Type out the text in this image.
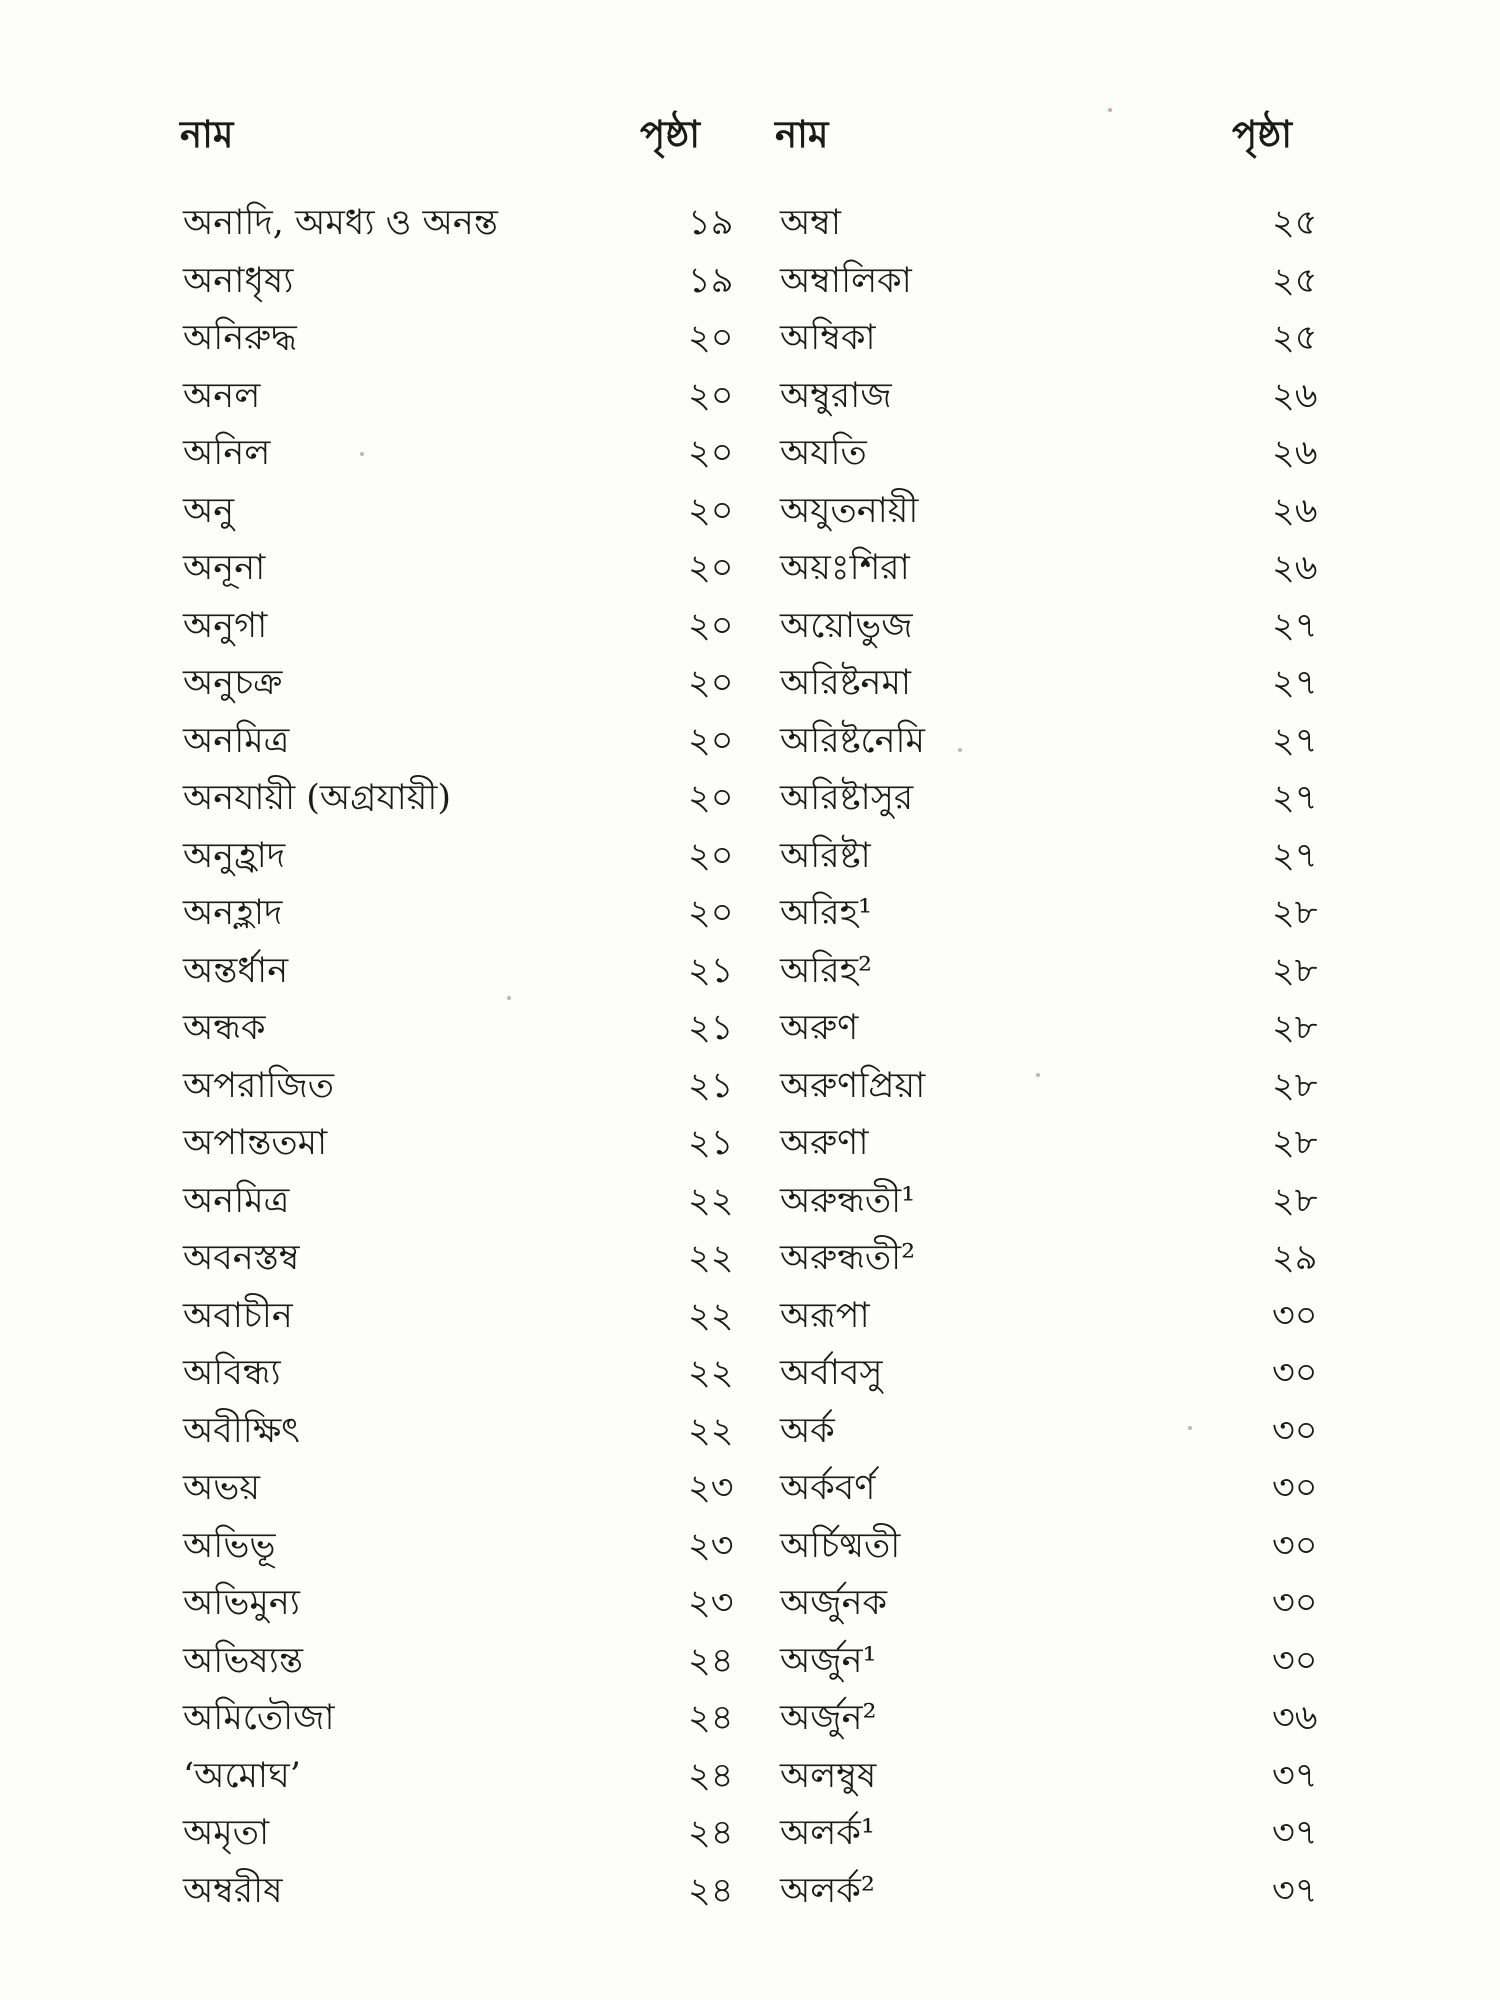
নাম	পৃষ্ঠা নাম	পৃষ্ঠা
অনাদি, অমধ্য ও অনন্ত	১৯ অম্বা	২৫
অনাধৃষ্য	১৯ অম্বালিকা	২৫
অনিরুদ্ধ	২০ অম্বিকা	২৫
অনল	২০ অম্বুরাজ	২৬
অনিল	২০ অযতি	২৬
অনু	২০ অযুতনায়ী	২৬
অনূনা	২০ অয়ঃশিরা	২৬
অনুগা	২০ অয়োভুজ	২৭
অনুচক্র	২০ অরিষ্টনমা	২৭
অনমিত্র	২০ অরিষ্টনেমি	২৭
অনযায়ী (অগ্রযায়ী)	২০ অরিষ্টাসুর	২৭
অনুহ্রাদ	২০ অরিষ্টা	২৭
অনহ্লাদ	২০ অরিহ¹	২৮
অন্তর্ধান	২১ অরিহ²	২৮
অন্ধক	২১ অরুণ	২৮
অপরাজিত	২১ অরুণপ্রিয়া	২৮
অপান্ততমা	২১ অরুণা	২৮
অনমিত্র	২২ অরুন্ধতী¹	২৮
অবনস্তম্ব	২২ অরুন্ধতী²	২৯
অবাচীন	২২ অরূপা	৩০
অবিন্ধ্য	২২ অর্বাবসু	৩০
অবীক্ষিৎ	২২ অর্ক	৩০
অভয়	২৩ অর্কবর্ণ	৩০
অভিভূ	২৩ অর্চিষ্মতী	৩০
অভিমুন্য	২৩ অর্জুনক	৩০
অভিষ্যন্ত	২৪ অর্জুন¹	৩০
অমিতৌজা	২৪ অর্জুন²	৩৬
‘অমোঘ’	২৪ অলম্বুষ	৩৭
অমৃতা	২৪ অলর্ক¹	৩৭
অম্বরীষ	২৪ অলর্ক²	৩৭
